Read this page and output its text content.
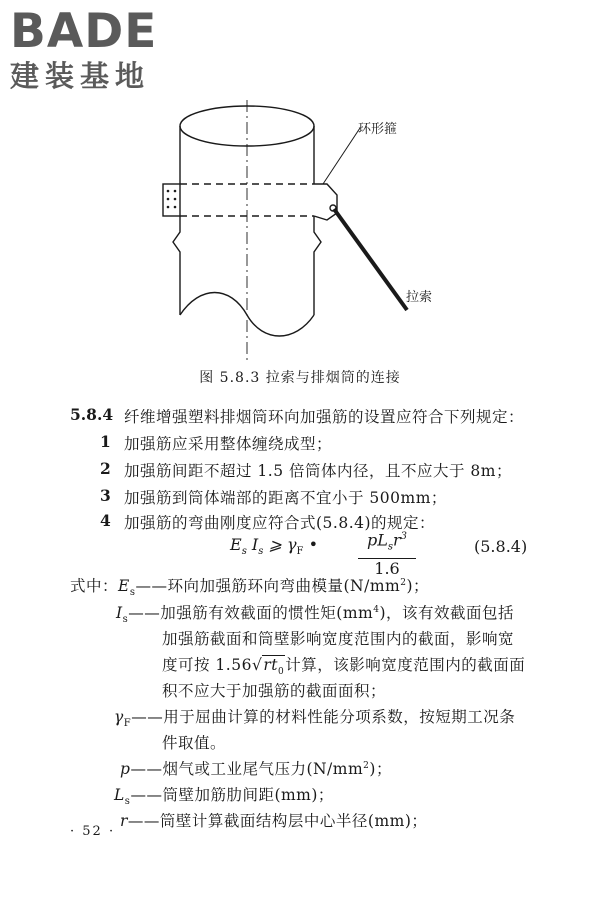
BADE
建装基地
环形箍
拉索
图 5.8.3 拉索与排烟筒的连接
5.8.4 纤维增强塑料排烟筒环向加强筋的设置应符合下列规定：
1 加强筋应采用整体缠绕成型；
2 加强筋间距不超过 1.5 倍筒体内径，且不应大于 8m；
3 加强筋到筒体端部的距离不宜小于 500mm；
4 加强筋的弯曲刚度应符合式(5.8.4)的规定：
$E_s$ $I_s$ ⩾ $\gamma_F$ •	$pL_sr^3$
1.6
(5.8.4)
式中：$E_s——$环向加强筋环向弯曲模量$(N/mm^2)$；
$I_s——$加强筋有效截面的惯性矩$(mm^4)$，该有效截面包括
加强筋截面和筒壁影响宽度范围内的截面，影响宽
度可按 $1.56√rt_0$计算，该影响宽度范围内的截面面
积不应大于加强筋的截面面积；
$\gamma_F——$用于屈曲计算的材料性能分项系数，按短期工况条
件取值。
p——烟气或工业尾气压力$(N/mm^2)$；
$L_s——$筒壁加筋肋间距(mm)；
r——筒壁计算截面结构层中心半径(mm)；
· 52 ·
